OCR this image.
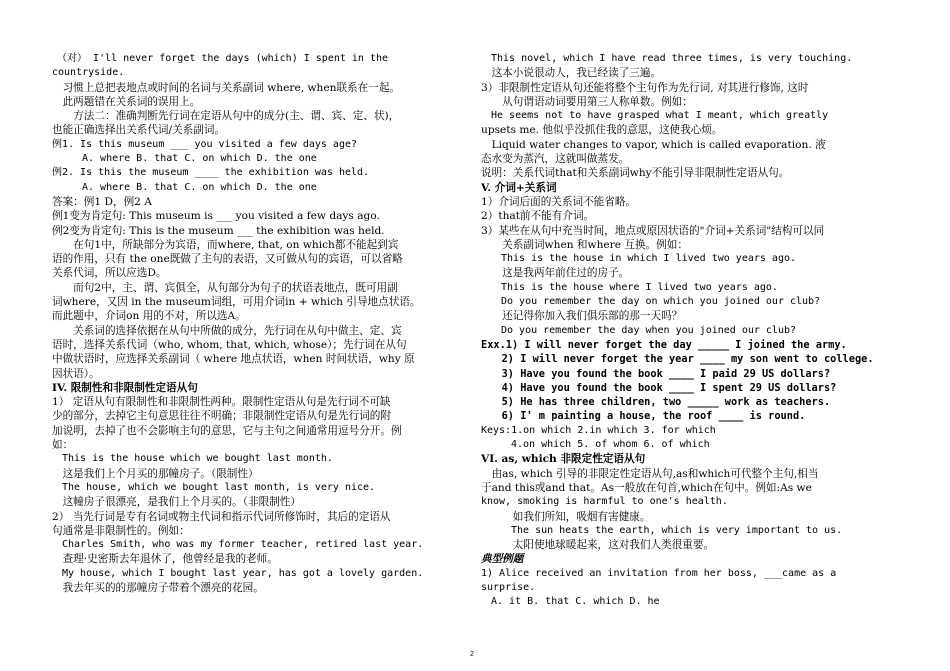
　（对） I'll never forget the days (which) I spent in the
countryside.
　习惯上总把表地点或时间的名词与关系副词 where, when联系在一起。
　此两题错在关系词的误用上。
　　方法二：准确判断先行词在定语从句中的成分(主、谓、宾、定、状)，
也能正确选择出关系代词/关系副词。
例1. Is this museum ___ you visited a few days age?
　　　A. where B. that C. on which D. the one
例2. Is this the museum ____ the exhibition was held.
　　　A. where B. that C. on which D. the one
答案：例1 D，例2 A
例1变为肯定句: This museum is ___ you visited a few days ago.
例2变为肯定句: This is the museum ___ the exhibition was held.
　　在句1中，所缺部分为宾语，而where, that, on which都不能起到宾
语的作用，只有 the one既做了主句的表语，又可做从句的宾语，可以省略
关系代词，所以应选D。
　　而句2中，主、谓、宾俱全，从句部分为句子的状语表地点，既可用副
词where，又因 in the museum词组，可用介词in + which 引导地点状语。
而此题中，介词on 用的不对，所以选A。
　　关系词的选择依据在从句中所做的成分，先行词在从句中做主、定、宾
语时，选择关系代词（who, whom, that, which, whose）；先行词在从句
中做状语时，应选择关系副词（ where 地点状语，when 时间状语，why 原
因状语）。
IV. 限制性和非限制性定语从句
1） 定语从句有限制性和非限制性两种。限制性定语从句是先行词不可缺
少的部分，去掉它主句意思往往不明确；非限制性定语从句是先行词的附
加说明，去掉了也不会影响主句的意思，它与主句之间通常用逗号分开。例
如：
　This is the house which we bought last month.
　这是我们上个月买的那幢房子。（限制性）
　The house, which we bought last month, is very nice.
　这幢房子很漂亮，是我们上个月买的。（非限制性）
2） 当先行词是专有名词或物主代词和指示代词所修饰时，其后的定语从
句通常是非限制性的。例如：
　Charles Smith, who was my former teacher, retired last year.
　查理·史密斯去年退休了，他曾经是我的老师。
　My house, which I bought last year, has got a lovely garden.
　我去年买的的那幢房子带着个漂亮的花园。
　This novel, which I have read three times, is very touching.
　这本小说很动人，我已经读了三遍。
3）非限制性定语从句还能将整个主句作为先行词, 对其进行修饰, 这时
　　从句谓语动词要用第三人称单数。例如：
　He seems not to have grasped what I meant, which greatly
upsets me. 他似乎没抓住我的意思，这使我心烦。
　Liquid water changes to vapor, which is called evaporation. 液
态水变为蒸汽，这就叫做蒸发。
说明：关系代词that和关系副词why不能引导非限制性定语从句。
V. 介词+关系词
1）介词后面的关系词不能省略。
2）that前不能有介词。
3）某些在从句中充当时间，地点或原因状语的"介词+关系词"结构可以同
　　关系副词when 和where 互换。例如：
　　This is the house in which I lived two years ago.
　　这是我两年前住过的房子。
　　This is the house where I lived two years ago.
　　Do you remember the day on which you joined our club?
　　还记得你加入我们俱乐部的那一天吗？
　　Do you remember the day when you joined our club?
Exx.1) I will never forget the day _____ I joined the army.
　　2) I will never forget the year ____ my son went to college.
　　3) Have you found the book ____ I paid 29 US dollars?
　　4) Have you found the book ____ I spent 29 US dollars?
　　5) He has three children, two _____ work as teachers.
　　6) I' m painting a house, the roof ____ is round.
Keys:1.on which 2.in which 3. for which
　　　4.on which 5. of whom 6. of which
VI. as, which 非限定性定语从句
　由as, which 引导的非限定性定语从句,as和which可代整个主句,相当
于and this或and that。As一般放在句首,which在句中。例如:As we
know, smoking is harmful to one's health.
　　　如我们所知，吸烟有害健康。
　　　The sun heats the earth, which is very important to us.
　　　太阳使地球暖起来，这对我们人类很重要。
典型例题
1) Alice received an invitation from her boss, ___came as a
surprise.
　A. it B. that C. which D. he
2
